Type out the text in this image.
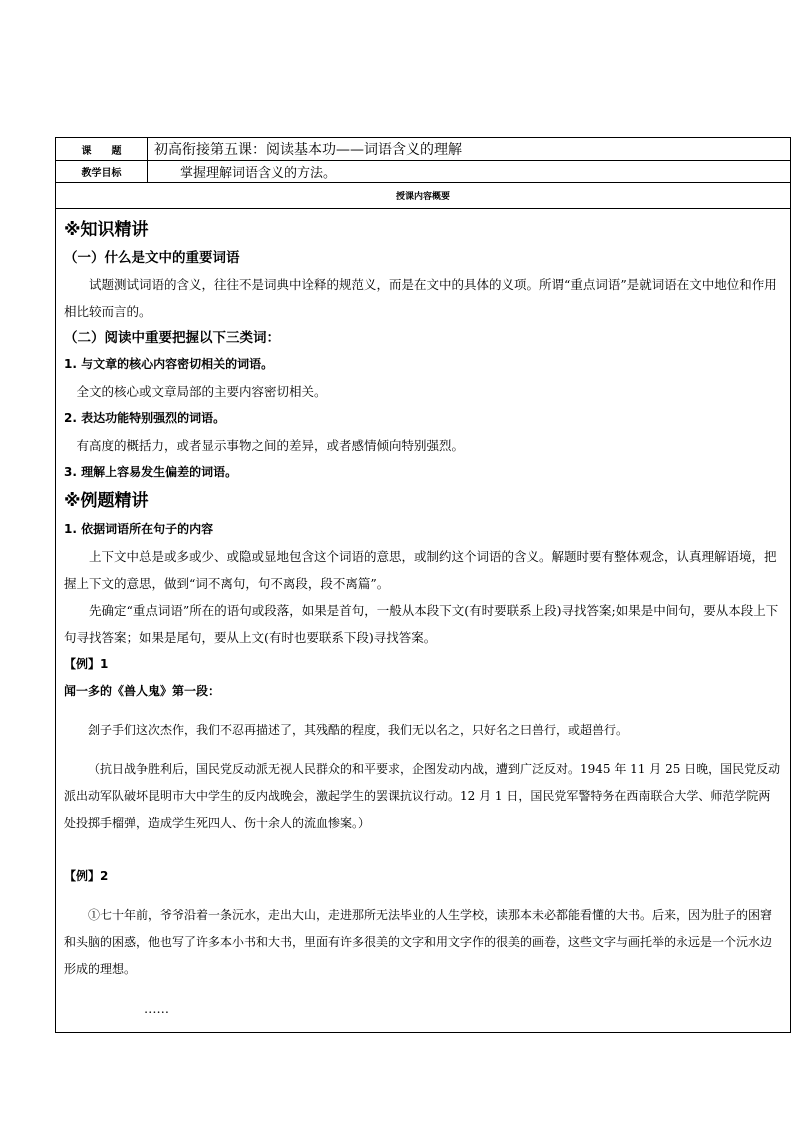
课　　题	初高衔接第五课：阅读基本功——词语含义的理解
教学目标	掌握理解词语含义的方法。
授课内容概要
※知识精讲
（一）什么是文中的重要词语

试题测试词语的含义，往往不是词典中诠释的规范义，而是在文中的具体的义项。所谓“重点词语”是就词语在文中地位和作用相比较而言的。

（二）阅读中重要把握以下三类词：
1. 与文章的核心内容密切相关的词语。

全文的核心或文章局部的主要内容密切相关。

2. 表达功能特别强烈的词语。

有高度的概括力，或者显示事物之间的差异，或者感情倾向特别强烈。

3. 理解上容易发生偏差的词语。
※例题精讲
1. 依据词语所在句子的内容

上下文中总是或多或少、或隐或显地包含这个词语的意思，或制约这个词语的含义。解题时要有整体观念，认真理解语境，把握上下文的意思，做到“词不离句，句不离段，段不离篇”。

先确定“重点词语”所在的语句或段落，如果是首句，一般从本段下文(有时要联系上段)寻找答案;如果是中间句，要从本段上下句寻找答案；如果是尾句，要从上文(有时也要联系下段)寻找答案。

【例】1
闻一多的《兽人鬼》第一段：

刽子手们这次杰作，我们不忍再描述了，其残酷的程度，我们无以名之，只好名之曰兽行，或超兽行。

（抗日战争胜利后，国民党反动派无视人民群众的和平要求，企图发动内战，遭到广泛反对。1945 年 11 月 25 日晚，国民党反动派出动军队破坏昆明市大中学生的反内战晚会，激起学生的罢课抗议行动。12 月 1 日，国民党军警特务在西南联合大学、师范学院两处投掷手榴弹，造成学生死四人、伤十余人的流血惨案。）

【例】2

①七十年前，爷爷沿着一条沅水，走出大山，走进那所无法毕业的人生学校，读那本未必都能看懂的大书。后来，因为肚子的困窘和头脑的困惑，他也写了许多本小书和大书，里面有许多很美的文字和用文字作的很美的画卷，这些文字与画托举的永远是一个沅水边形成的理想。

……
